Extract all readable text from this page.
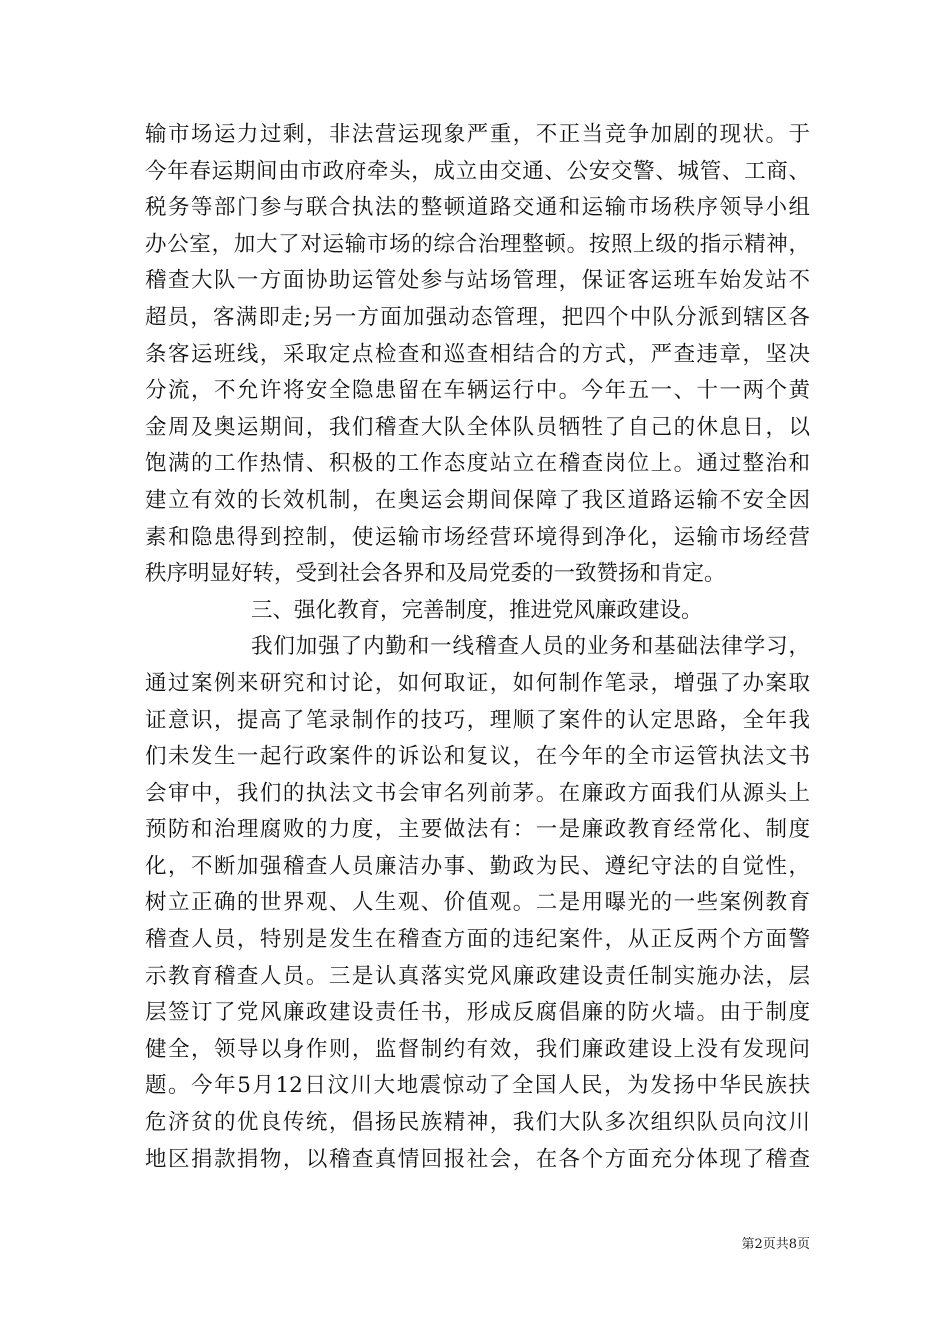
输市场运力过剩，非法营运现象严重，不正当竞争加剧的现状。于
今年春运期间由市政府牵头，成立由交通、公安交警、城管、工商、
税务等部门参与联合执法的整顿道路交通和运输市场秩序领导小组
办公室，加大了对运输市场的综合治理整顿。按照上级的指示精神，
稽查大队一方面协助运管处参与站场管理，保证客运班车始发站不
超员，客满即走;另一方面加强动态管理，把四个中队分派到辖区各
条客运班线，采取定点检查和巡查相结合的方式，严查违章，坚决
分流，不允许将安全隐患留在车辆运行中。今年五一、十一两个黄
金周及奥运期间，我们稽查大队全体队员牺牲了自己的休息日，以
饱满的工作热情、积极的工作态度站立在稽查岗位上。通过整治和
建立有效的长效机制，在奥运会期间保障了我区道路运输不安全因
素和隐患得到控制，使运输市场经营环境得到净化，运输市场经营
秩序明显好转，受到社会各界和及局党委的一致赞扬和肯定。
三、强化教育，完善制度，推进党风廉政建设。
我们加强了内勤和一线稽查人员的业务和基础法律学习，
通过案例来研究和讨论，如何取证，如何制作笔录，增强了办案取
证意识，提高了笔录制作的技巧，理顺了案件的认定思路，全年我
们未发生一起行政案件的诉讼和复议，在今年的全市运管执法文书
会审中，我们的执法文书会审名列前茅。在廉政方面我们从源头上
预防和治理腐败的力度，主要做法有：一是廉政教育经常化、制度
化，不断加强稽查人员廉洁办事、勤政为民、遵纪守法的自觉性，
树立正确的世界观、人生观、价值观。二是用曝光的一些案例教育
稽查人员，特别是发生在稽查方面的违纪案件，从正反两个方面警
示教育稽查人员。三是认真落实党风廉政建设责任制实施办法，层
层签订了党风廉政建设责任书，形成反腐倡廉的防火墙。由于制度
健全，领导以身作则，监督制约有效，我们廉政建设上没有发现问
题。今年5月12日汶川大地震惊动了全国人民，为发扬中华民族扶
危济贫的优良传统，倡扬民族精神，我们大队多次组织队员向汶川
地区捐款捐物，以稽查真情回报社会，在各个方面充分体现了稽查
第2页共8页
